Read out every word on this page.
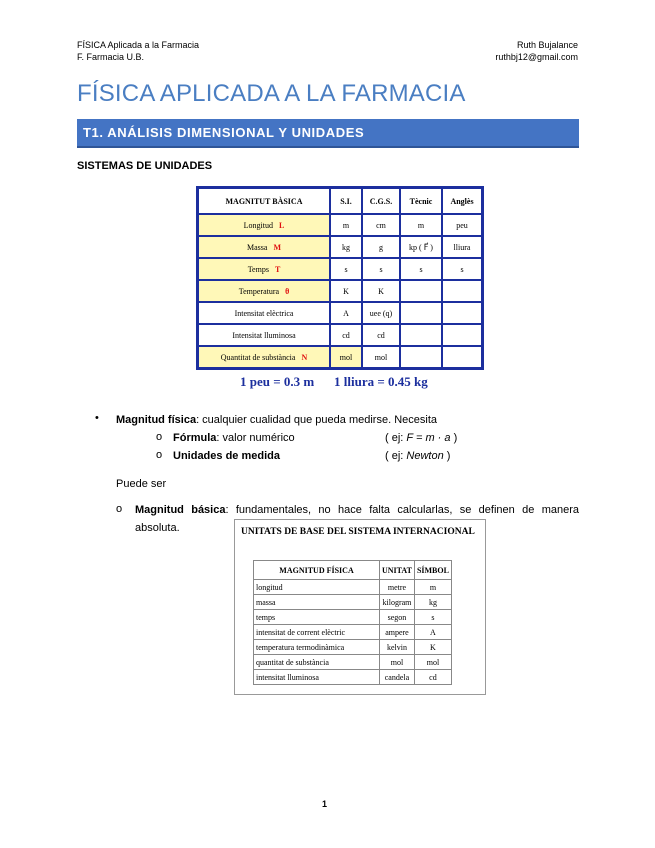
FÍSICA Aplicada a la Farmacia
F. Farmacia U.B.
Ruth Bujalance
ruthbj12@gmail.com
FÍSICA APLICADA A LA FARMACIA
T1. ANÁLISIS DIMENSIONAL Y UNIDADES
SISTEMAS DE UNIDADES
MAGNITUT BÀSICA	S.I.	C.G.S.	Tècnic	Anglès
Longitud L	m	cm	m	peu
Massa M	kg	g	kp ( F⃗ )	lliura
Temps T	s	s	s	s
Temperatura θ	K	K		
Intensitat elèctrica	A	uee (q)		
Intensitat lluminosa	cd	cd		
Quantitat de substància N	mol	mol		
1 peu = 0.3 m 1 lliura = 0.45 kg
• Magnitud física: cualquier cualidad que pueda medirse. Necesita
o Fórmula: valor numérico	( ej: F = m · a )
o Unidades de medida	( ej: Newton )
Puede ser
o Magnitud básica: fundamentales, no hace falta calcularlas, se definen de manera
absoluta.	UNITATS DE BASE DEL SISTEMA INTERNACIONAL
MAGNITUD FÍSICA	UNITAT	SÍMBOL
longitud	metre	m
massa	kilogram	kg
temps	segon	s
intensitat de corrent elèctric	ampere	A
temperatura termodinàmica	kelvin	K
quantitat de substància	mol	mol
intensitat lluminosa	candela	cd
1
